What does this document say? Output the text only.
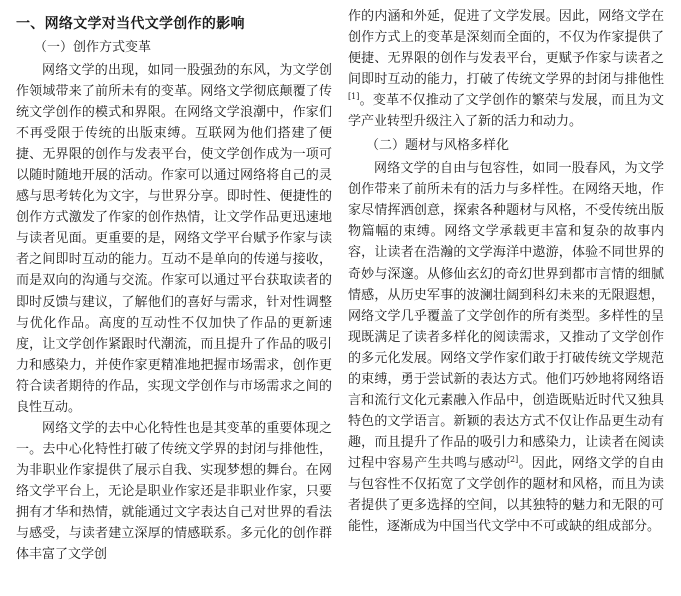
一、网络文学对当代文学创作的影响
（一）创作方式变革

网络文学的出现，如同一股强劲的东风，为文学创作领域带来了前所未有的变革。网络文学彻底颠覆了传统文学创作的模式和界限。在网络文学浪潮中，作家们不再受限于传统的出版束缚。互联网为他们搭建了便捷、无界限的创作与发表平台，使文学创作成为一项可以随时随地开展的活动。作家可以通过网络将自己的灵感与思考转化为文字，与世界分享。即时性、便捷性的创作方式激发了作家的创作热情，让文学作品更迅速地与读者见面。更重要的是，网络文学平台赋予作家与读者之间即时互动的能力。互动不是单向的传递与接收，而是双向的沟通与交流。作家可以通过平台获取读者的即时反馈与建议，了解他们的喜好与需求，针对性调整与优化作品。高度的互动性不仅加快了作品的更新速度，让文学创作紧跟时代潮流，而且提升了作品的吸引力和感染力，并使作家更精准地把握市场需求，创作更符合读者期待的作品，实现文学创作与市场需求之间的良性互动。

网络文学的去中心化特性也是其变革的重要体现之一。去中心化特性打破了传统文学界的封闭与排他性，为非职业作家提供了展示自我、实现梦想的舞台。在网络文学平台上，无论是职业作家还是非职业作家，只要拥有才华和热情，就能通过文字表达自己对世界的看法与感受，与读者建立深厚的情感联系。多元化的创作群体丰富了文学创

作的内涵和外延，促进了文学发展。因此，网络文学在创作方式上的变革是深刻而全面的，不仅为作家提供了便捷、无界限的创作与发表平台，更赋予作家与读者之间即时互动的能力，打破了传统文学界的封闭与排他性[1]。变革不仅推动了文学创作的繁荣与发展，而且为文学产业转型升级注入了新的活力和动力。

（二）题材与风格多样化

网络文学的自由与包容性，如同一股春风，为文学创作带来了前所未有的活力与多样性。在网络天地，作家尽情挥洒创意，探索各种题材与风格，不受传统出版物篇幅的束缚。网络文学承载更丰富和复杂的故事内容，让读者在浩瀚的文学海洋中遨游，体验不同世界的奇妙与深邃。从修仙玄幻的奇幻世界到都市言情的细腻情感，从历史军事的波澜壮阔到科幻未来的无限遐想，网络文学几乎覆盖了文学创作的所有类型。多样性的呈现既满足了读者多样化的阅读需求，又推动了文学创作的多元化发展。网络文学作家们敢于打破传统文学规范的束缚，勇于尝试新的表达方式。他们巧妙地将网络语言和流行文化元素融入作品中，创造既贴近时代又独具特色的文学语言。新颖的表达方式不仅让作品更生动有趣，而且提升了作品的吸引力和感染力，让读者在阅读过程中容易产生共鸣与感动[2]。因此，网络文学的自由与包容性不仅拓宽了文学创作的题材和风格，而且为读者提供了更多选择的空间，以其独特的魅力和无限的可能性，逐渐成为中国当代文学中不可或缺的组成部分。
